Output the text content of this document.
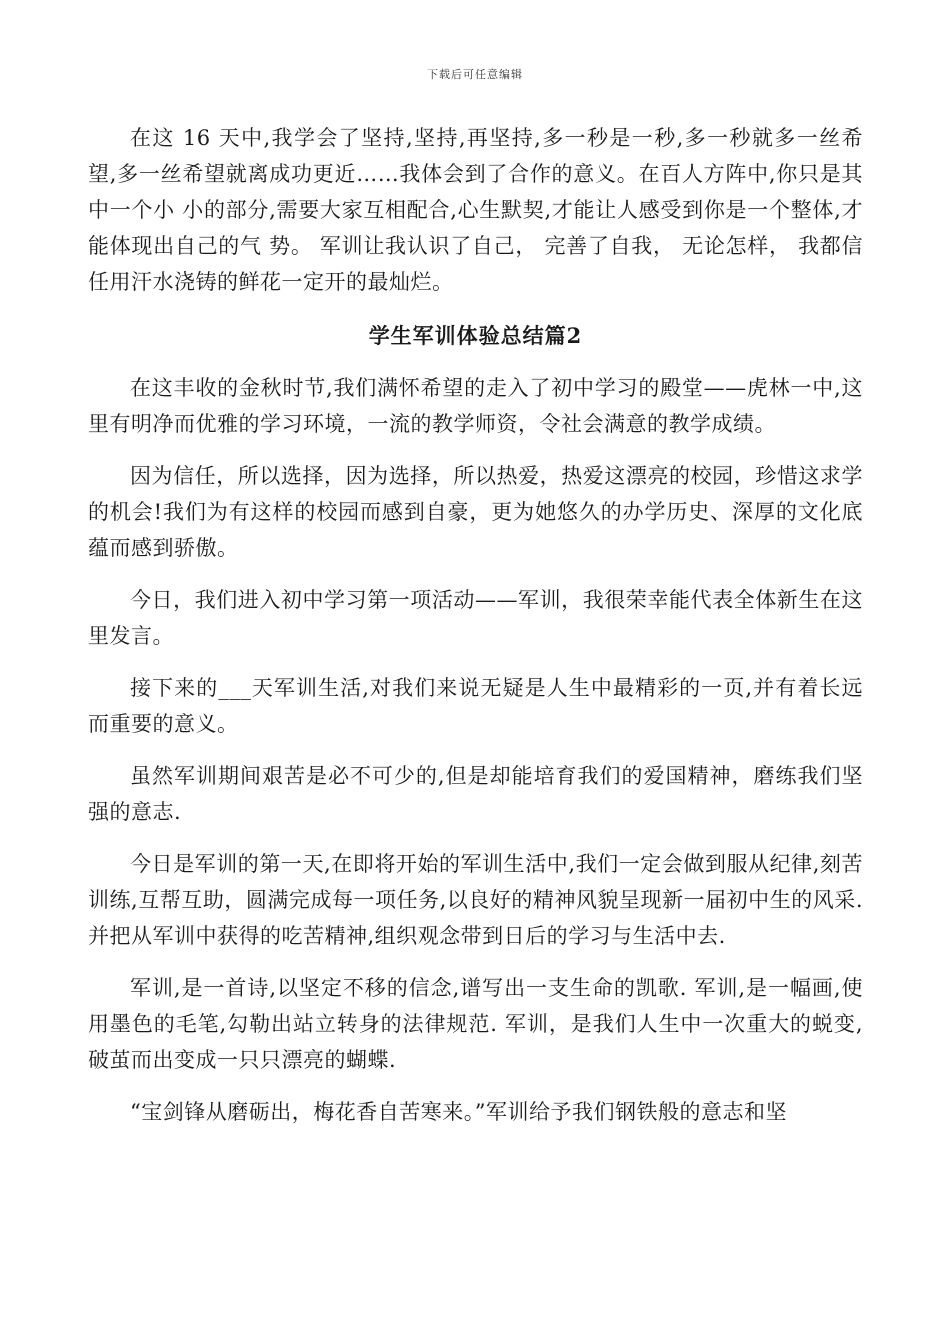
下载后可任意编辑

在这 16 天中,我学会了坚持,坚持,再坚持,多一秒是一秒,多一秒就多一丝希 望,多一丝希望就离成功更近……我体会到了合作的意义。在百人方阵中,你只是其中一个小 小的部分,需要大家互相配合,心生默契,才能让人感受到你是一个整体,才能体现出自己的气 势。 军训让我认识了自己， 完善了自我， 无论怎样， 我都信任用汗水浇铸的鲜花一定开的最灿烂。

学生军训体验总结篇2

在这丰收的金秋时节,我们满怀希望的走入了初中学习的殿堂——虎林一中,这里有明净而优雅的学习环境，一流的教学师资，令社会满意的教学成绩。

因为信任，所以选择，因为选择，所以热爱，热爱这漂亮的校园，珍惜这求学的机会!我们为有这样的校园而感到自豪，更为她悠久的办学历史、深厚的文化底蕴而感到骄傲。

今日，我们进入初中学习第一项活动——军训，我很荣幸能代表全体新生在这里发言。

接下来的___天军训生活,对我们来说无疑是人生中最精彩的一页,并有着长远而重要的意义。

虽然军训期间艰苦是必不可少的,但是却能培育我们的爱国精神，磨练我们坚强的意志.

今日是军训的第一天,在即将开始的军训生活中,我们一定会做到服从纪律,刻苦训练,互帮互助，圆满完成每一项任务,以良好的精神风貌呈现新一届初中生的风采.并把从军训中获得的吃苦精神,组织观念带到日后的学习与生活中去.

军训,是一首诗,以坚定不移的信念,谱写出一支生命的凯歌. 军训,是一幅画,使用墨色的毛笔,勾勒出站立转身的法律规范. 军训，是我们人生中一次重大的蜕变,破茧而出变成一只只漂亮的蝴蝶.

“宝剑锋从磨砺出，梅花香自苦寒来。”军训给予我们钢铁般的意志和坚
